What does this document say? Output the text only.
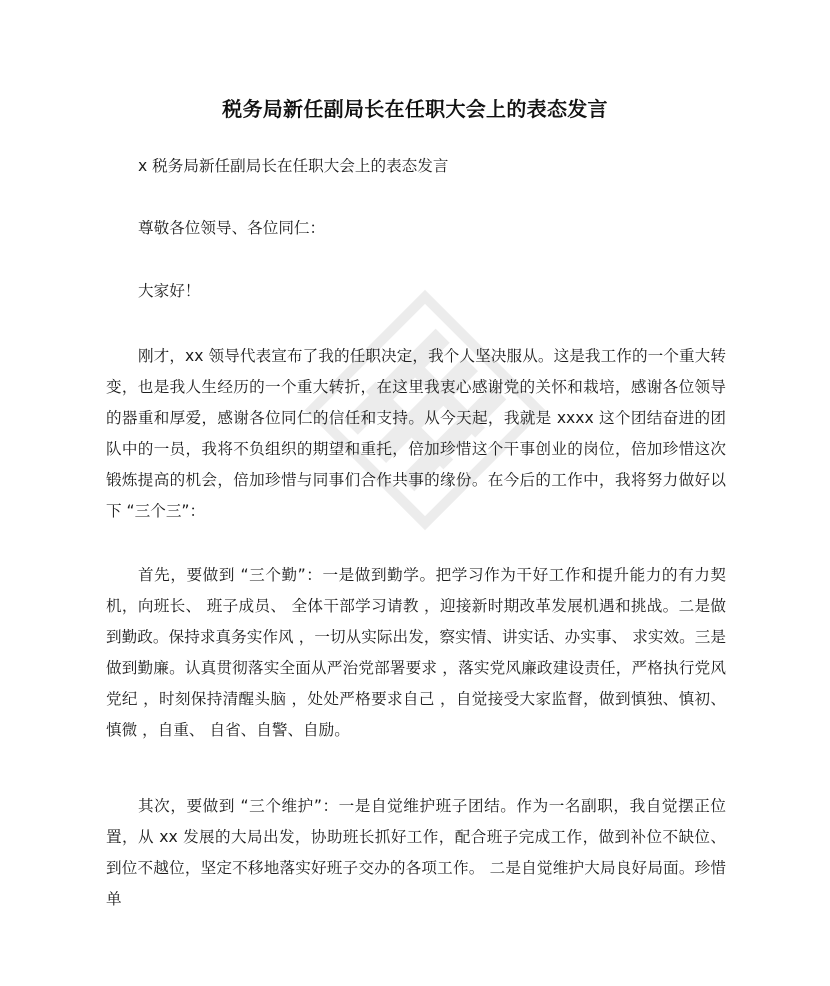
税务局新任副局长在任职大会上的表态发言

x 税务局新任副局长在任职大会上的表态发言

尊敬各位领导、各位同仁：

大家好！

刚才，xx 领导代表宣布了我的任职决定，我个人坚决服从。这是我工作的一个重大转变，也是我人生经历的一个重大转折，在这里我衷心感谢党的关怀和栽培，感谢各位领导的器重和厚爱，感谢各位同仁的信任和支持。从今天起，我就是 xxxx 这个团结奋进的团队中的一员，我将不负组织的期望和重托，倍加珍惜这个干事创业的岗位，倍加珍惜这次锻炼提高的机会，倍加珍惜与同事们合作共事的缘份。在今后的工作中，我将努力做好以下 “三个三”：

首先，要做到 “三个勤”：一是做到勤学。把学习作为干好工作和提升能力的有力契机，向班长、 班子成员、 全体干部学习请教 ，迎接新时期改革发展机遇和挑战。二是做到勤政。保持求真务实作风 ，一切从实际出发，察实情、讲实话、办实事、 求实效。三是做到勤廉。认真贯彻落实全面从严治党部署要求 ，落实党风廉政建设责任，严格执行党风党纪 ，时刻保持清醒头脑 ，处处严格要求自己 ，自觉接受大家监督，做到慎独、慎初、慎微 ，自重、 自省、自警、自励。

其次，要做到 “三个维护”：一是自觉维护班子团结。作为一名副职，我自觉摆正位置，从 xx 发展的大局出发，协助班长抓好工作，配合班子完成工作，做到补位不缺位、 到位不越位，坚定不移地落实好班子交办的各项工作。 二是自觉维护大局良好局面。珍惜单
